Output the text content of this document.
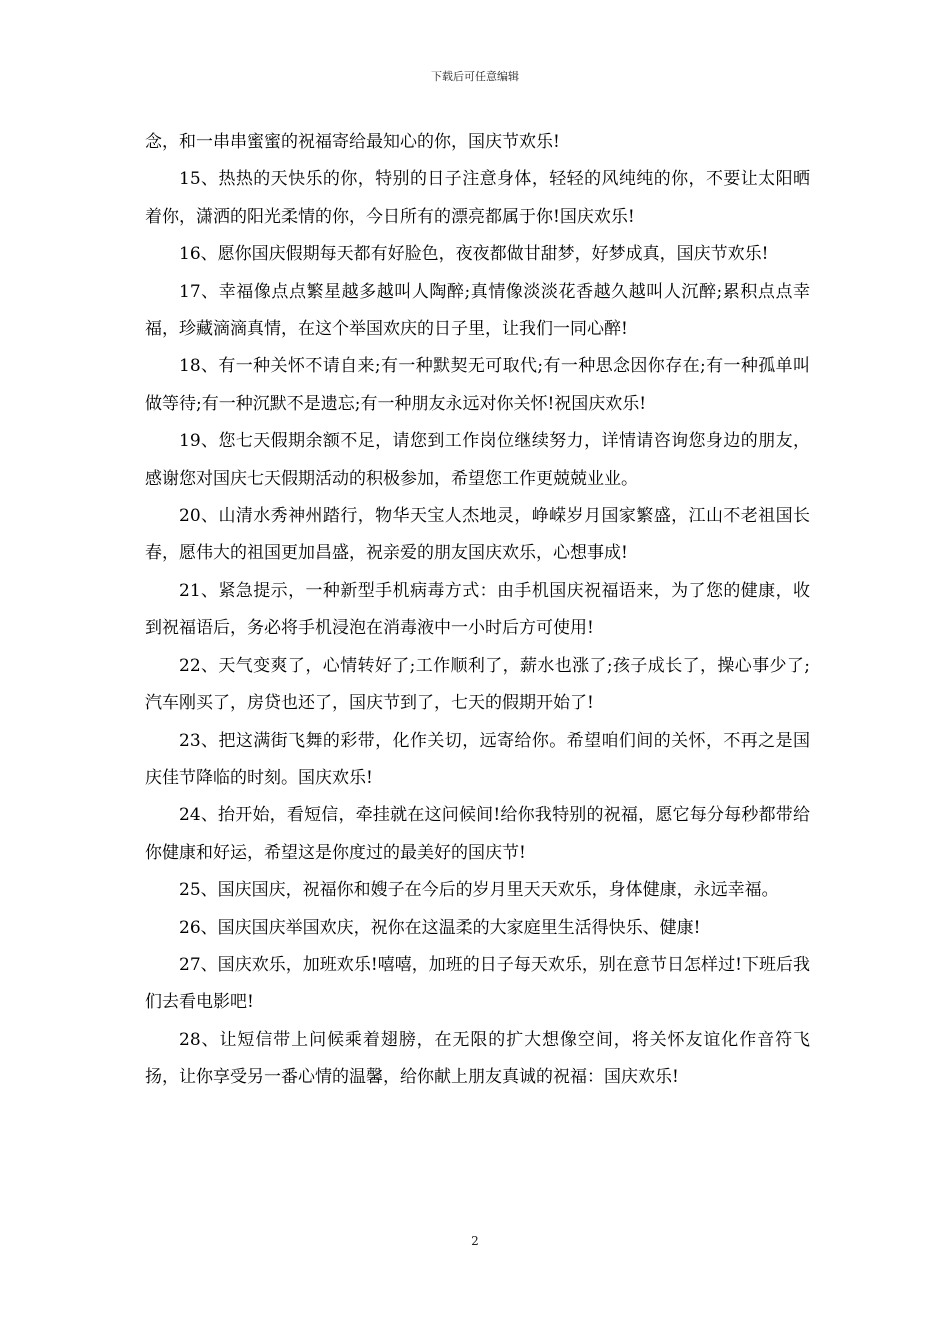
下载后可任意编辑

念，和一串串蜜蜜的祝福寄给最知心的你，国庆节欢乐!

15、热热的天快乐的你，特别的日子注意身体，轻轻的风纯纯的你，不要让太阳晒着你，潇洒的阳光柔情的你，今日所有的漂亮都属于你!国庆欢乐!

16、愿你国庆假期每天都有好脸色，夜夜都做甘甜梦，好梦成真，国庆节欢乐!

17、幸福像点点繁星越多越叫人陶醉;真情像淡淡花香越久越叫人沉醉;累积点点幸福，珍藏滴滴真情，在这个举国欢庆的日子里，让我们一同心醉!

18、有一种关怀不请自来;有一种默契无可取代;有一种思念因你存在;有一种孤单叫做等待;有一种沉默不是遗忘;有一种朋友永远对你关怀!祝国庆欢乐!

19、您七天假期余额不足，请您到工作岗位继续努力，详情请咨询您身边的朋友，感谢您对国庆七天假期活动的积极参加，希望您工作更兢兢业业。

20、山清水秀神州踏行，物华天宝人杰地灵，峥嵘岁月国家繁盛，江山不老祖国长春，愿伟大的祖国更加昌盛，祝亲爱的朋友国庆欢乐，心想事成!

21、紧急提示，一种新型手机病毒方式：由手机国庆祝福语来，为了您的健康，收到祝福语后，务必将手机浸泡在消毒液中一小时后方可使用!

22、天气变爽了，心情转好了;工作顺利了，薪水也涨了;孩子成长了，操心事少了;汽车刚买了，房贷也还了，国庆节到了，七天的假期开始了!

23、把这满街飞舞的彩带，化作关切，远寄给你。希望咱们间的关怀，不再之是国庆佳节降临的时刻。国庆欢乐!

24、抬开始，看短信，牵挂就在这问候间!给你我特别的祝福，愿它每分每秒都带给你健康和好运，希望这是你度过的最美好的国庆节!

25、国庆国庆，祝福你和嫂子在今后的岁月里天天欢乐，身体健康，永远幸福。

26、国庆国庆举国欢庆，祝你在这温柔的大家庭里生活得快乐、健康!

27、国庆欢乐，加班欢乐!嘻嘻，加班的日子每天欢乐，别在意节日怎样过!下班后我们去看电影吧!

28、让短信带上问候乘着翅膀，在无限的扩大想像空间，将关怀友谊化作音符飞扬，让你享受另一番心情的温馨，给你献上朋友真诚的祝福：国庆欢乐!

2
